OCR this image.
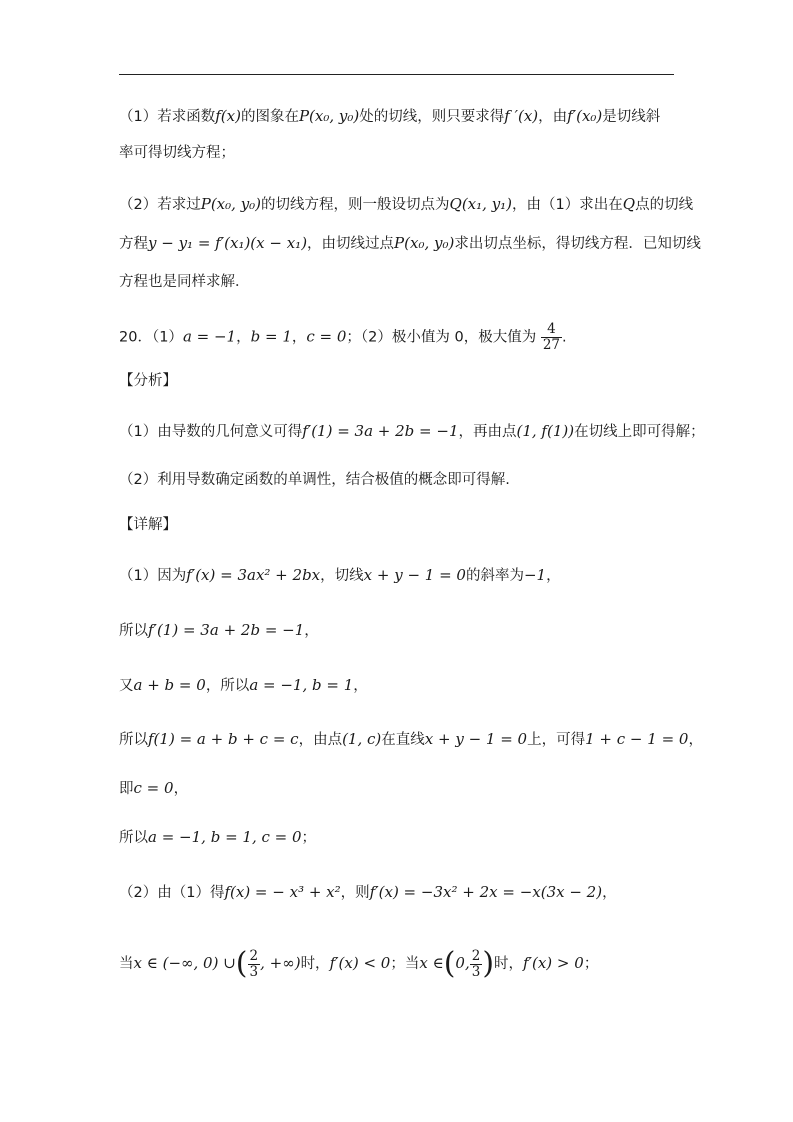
（1）若求函数f(x)的图象在P(x₀, y₀)处的切线，则只要求得f ′(x)，由f′(x₀)是切线斜
率可得切线方程；
（2）若求过P(x₀, y₀)的切线方程，则一般设切点为Q(x₁, y₁)，由（1）求出在Q点的切线
方程y − y₁ = f′(x₁)(x − x₁)，由切线过点P(x₀, y₀)求出切点坐标，得切线方程．已知切线
方程也是同样求解．
20．（1）a = −1，b = 1，c = 0；（2）极小值为 0，极大值为 $\frac{4}{27}$ .
【分析】
（1）由导数的几何意义可得f′(1) = 3a + 2b = −1，再由点(1, f(1))在切线上即可得解；
（2）利用导数确定函数的单调性，结合极值的概念即可得解.
【详解】
（1）因为f′(x) = 3ax² + 2bx，切线x + y − 1 = 0的斜率为−1，
所以f′(1) = 3a + 2b = −1，
又a + b = 0，所以a = −1, b = 1，
所以f(1) = a + b + c = c，由点(1, c)在直线x + y − 1 = 0上，可得1 + c − 1 = 0，
即c = 0，
所以a = −1, b = 1, c = 0；
（2）由（1）得f(x) = − x³ + x²，则f′(x) = −3x² + 2x = −x(3x − 2)，
当x ∈ (−∞, 0) ∪( $\frac{2}{3}$ , +∞)时，f′(x) < 0；当x ∈(0, $\frac{2}{3}$ )时，f′(x) > 0；
